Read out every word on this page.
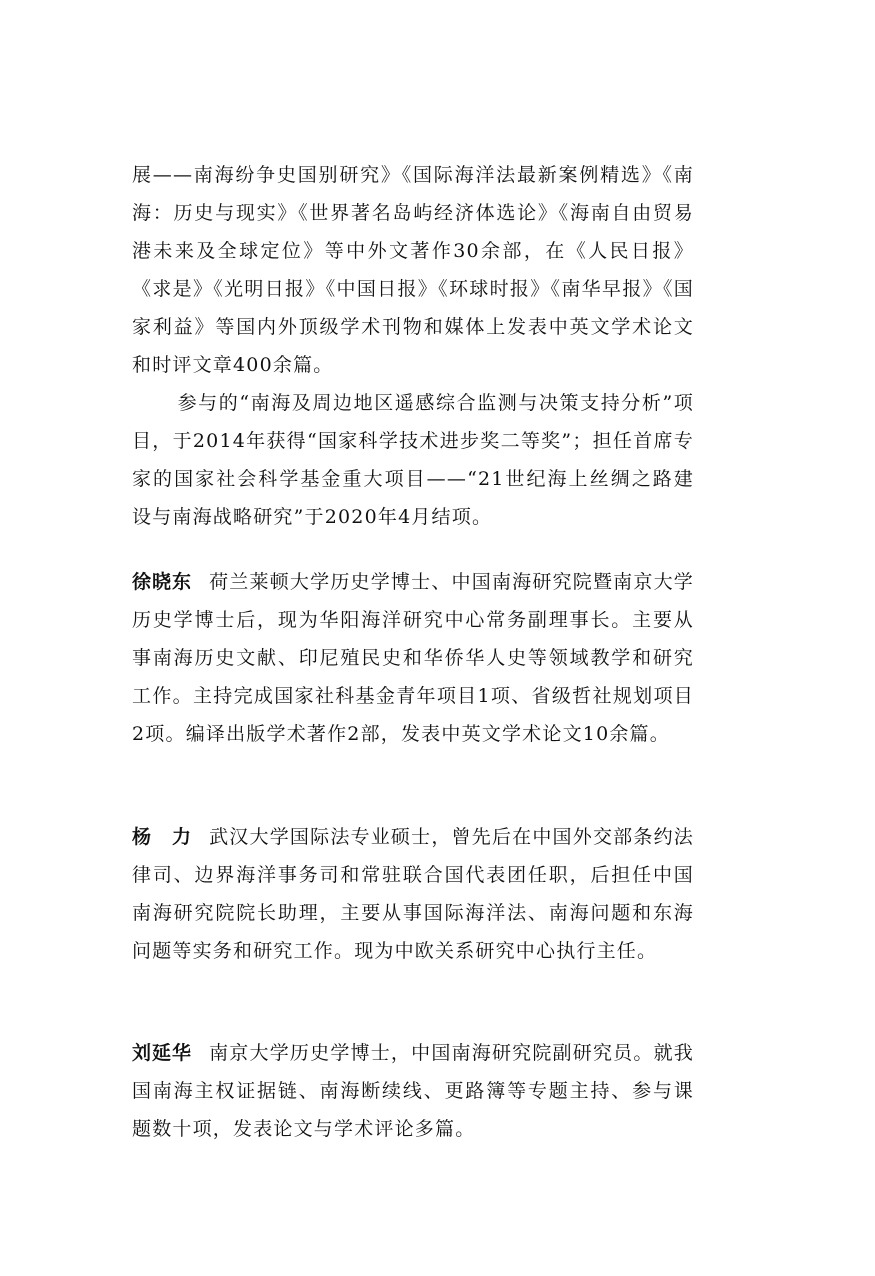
展——南海纷争史国别研究》《国际海洋法最新案例精选》《南海：历史与现实》《世界著名岛屿经济体选论》《海南自由贸易港未来及全球定位》等中外文著作30余部，在《人民日报》《求是》《光明日报》《中国日报》《环球时报》《南华早报》《国家利益》等国内外顶级学术刊物和媒体上发表中英文学术论文和时评文章400余篇。

参与的“南海及周边地区遥感综合监测与决策支持分析”项目，于2014年获得“国家科学技术进步奖二等奖”；担任首席专家的国家社会科学基金重大项目——“21世纪海上丝绸之路建设与南海战略研究”于2020年4月结项。

徐晓东 荷兰莱顿大学历史学博士、中国南海研究院暨南京大学历史学博士后，现为华阳海洋研究中心常务副理事长。主要从事南海历史文献、印尼殖民史和华侨华人史等领域教学和研究工作。主持完成国家社科基金青年项目1项、省级哲社规划项目2项。编译出版学术著作2部，发表中英文学术论文10余篇。

杨　力 武汉大学国际法专业硕士，曾先后在中国外交部条约法律司、边界海洋事务司和常驻联合国代表团任职，后担任中国南海研究院院长助理，主要从事国际海洋法、南海问题和东海问题等实务和研究工作。现为中欧关系研究中心执行主任。

刘延华 南京大学历史学博士，中国南海研究院副研究员。就我国南海主权证据链、南海断续线、更路簿等专题主持、参与课题数十项，发表论文与学术评论多篇。
